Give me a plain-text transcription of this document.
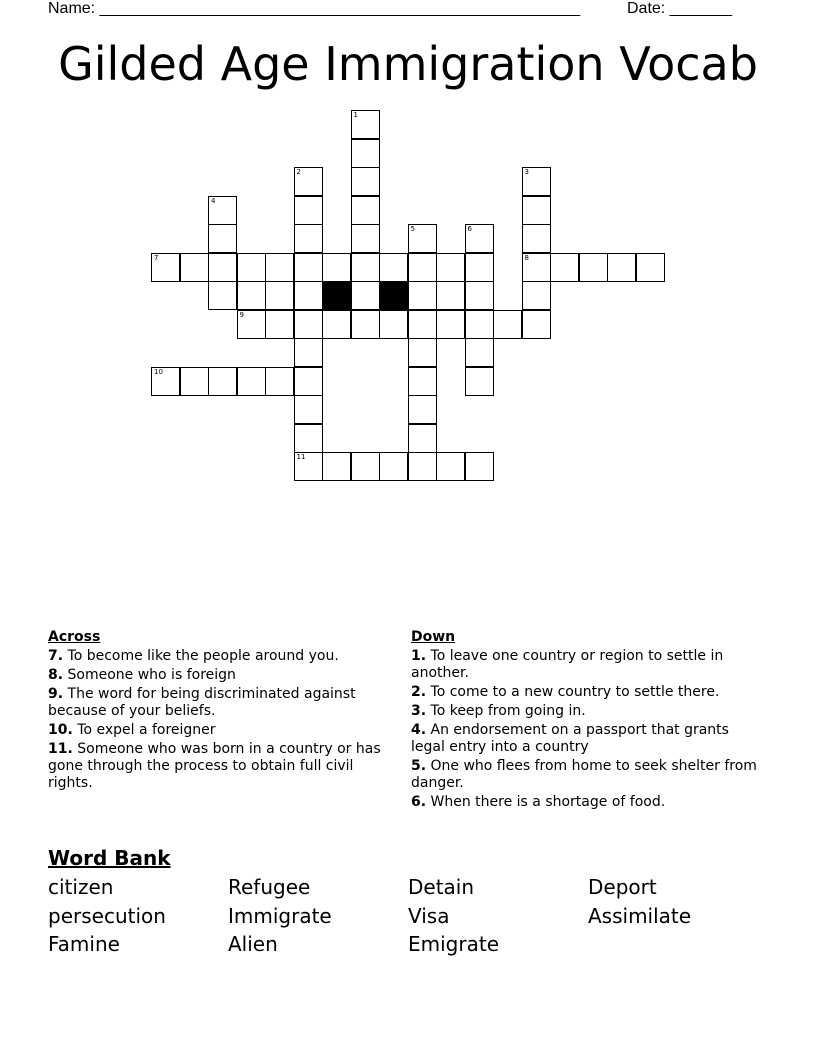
Name: ______________________________________________________	Date: _______
Gilded Age Immigration Vocab
1
2	3
8
4
5	6
7
9
10
11
Across
7. To become like the people around you.
8. Someone who is foreign
9. The word for being discriminated against because of your beliefs.
10. To expel a foreigner
11. Someone who was born in a country or has gone through the process to obtain full civil rights.
Down
1. To leave one country or region to settle in another.
2. To come to a new country to settle there.
3. To keep from going in.
4. An endorsement on a passport that grants legal entry into a country
5. One who flees from home to seek shelter from danger.
6. When there is a shortage of food.
Word Bank
citizen	Refugee	Detain	Deport
persecution	Immigrate	Visa	Assimilate
Famine	Alien	Emigrate
